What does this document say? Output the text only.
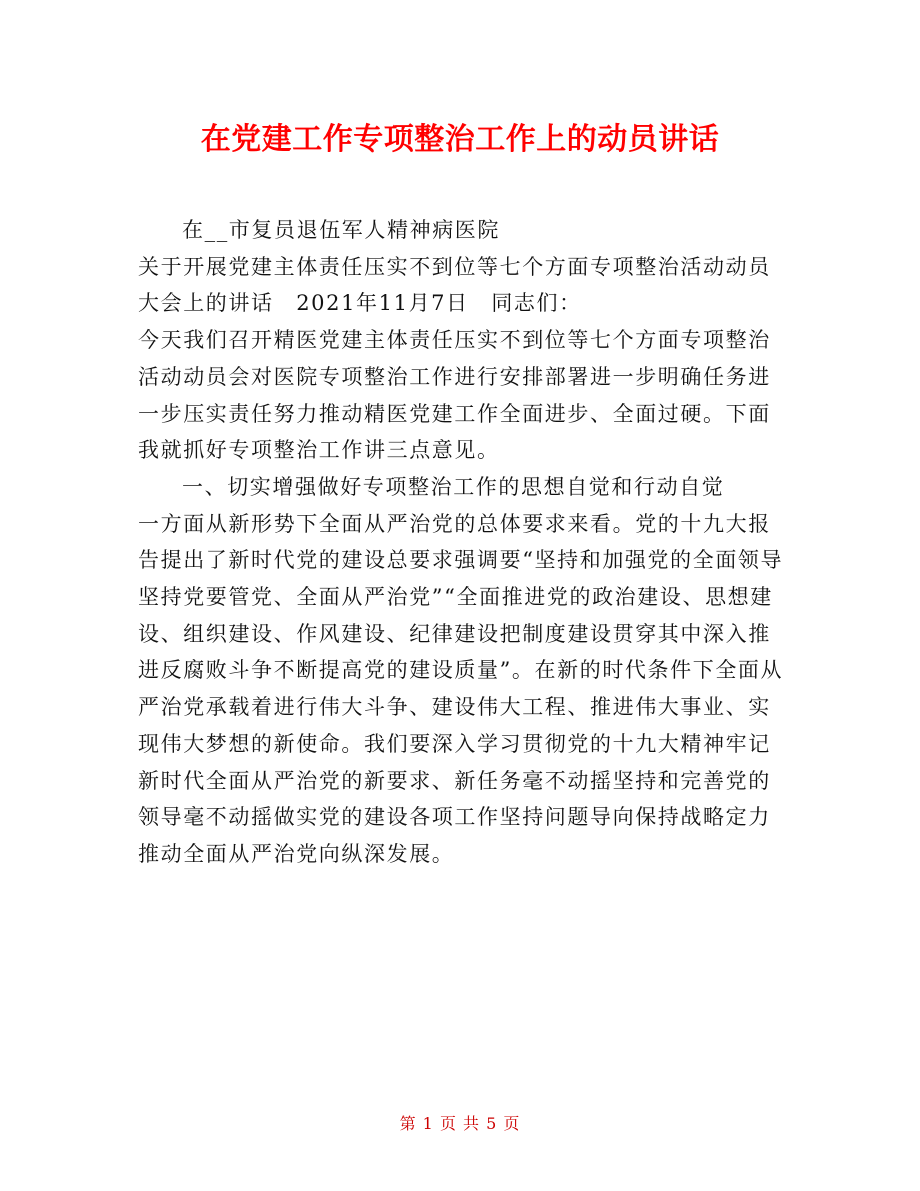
在党建工作专项整治工作上的动员讲话

在__市复员退伍军人精神病医院

关于开展党建主体责任压实不到位等七个方面专项整治活动动员大会上的讲话　2021年11月7日　同志们：

今天我们召开精医党建主体责任压实不到位等七个方面专项整治活动动员会对医院专项整治工作进行安排部署进一步明确任务进一步压实责任努力推动精医党建工作全面进步、全面过硬。下面我就抓好专项整治工作讲三点意见。

一、切实增强做好专项整治工作的思想自觉和行动自觉

一方面从新形势下全面从严治党的总体要求来看。党的十九大报告提出了新时代党的建设总要求强调要“坚持和加强党的全面领导坚持党要管党、全面从严治党”“全面推进党的政治建设、思想建设、组织建设、作风建设、纪律建设把制度建设贯穿其中深入推进反腐败斗争不断提高党的建设质量”。在新的时代条件下全面从严治党承载着进行伟大斗争、建设伟大工程、推进伟大事业、实现伟大梦想的新使命。我们要深入学习贯彻党的十九大精神牢记新时代全面从严治党的新要求、新任务毫不动摇坚持和完善党的领导毫不动摇做实党的建设各项工作坚持问题导向保持战略定力推动全面从严治党向纵深发展。

第 1 页 共 5 页
